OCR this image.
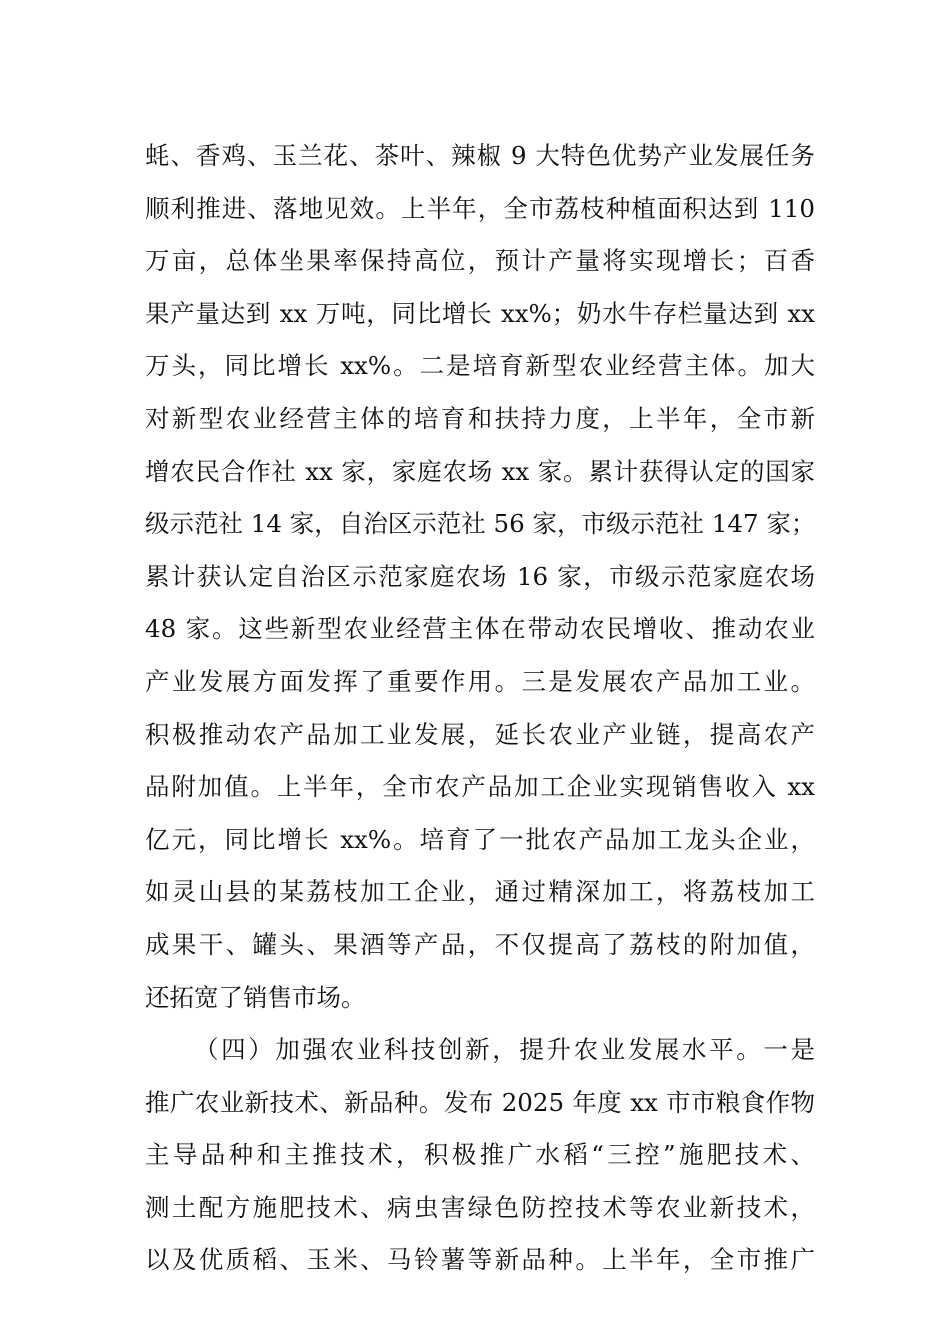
蚝、香鸡、玉兰花、茶叶、辣椒 9 大特色优势产业发展任务
顺利推进、落地见效。上半年，全市荔枝种植面积达到 110
万亩，总体坐果率保持高位，预计产量将实现增长；百香
果产量达到 xx 万吨，同比增长 xx%；奶水牛存栏量达到 xx
万头，同比增长 xx%。二是培育新型农业经营主体。加大
对新型农业经营主体的培育和扶持力度，上半年，全市新
增农民合作社 xx 家，家庭农场 xx 家。累计获得认定的国家
级示范社 14 家，自治区示范社 56 家，市级示范社 147 家；
累计获认定自治区示范家庭农场 16 家，市级示范家庭农场
48 家。这些新型农业经营主体在带动农民增收、推动农业
产业发展方面发挥了重要作用。三是发展农产品加工业。
积极推动农产品加工业发展，延长农业产业链，提高农产
品附加值。上半年，全市农产品加工企业实现销售收入 xx
亿元，同比增长 xx%。培育了一批农产品加工龙头企业，
如灵山县的某荔枝加工企业，通过精深加工，将荔枝加工
成果干、罐头、果酒等产品，不仅提高了荔枝的附加值，
还拓宽了销售市场。
（四）加强农业科技创新，提升农业发展水平。一是
推广农业新技术、新品种。发布 2025 年度 xx 市市粮食作物
主导品种和主推技术，积极推广水稻“三控”施肥技术、
测土配方施肥技术、病虫害绿色防控技术等农业新技术，
以及优质稻、玉米、马铃薯等新品种。上半年，全市推广
